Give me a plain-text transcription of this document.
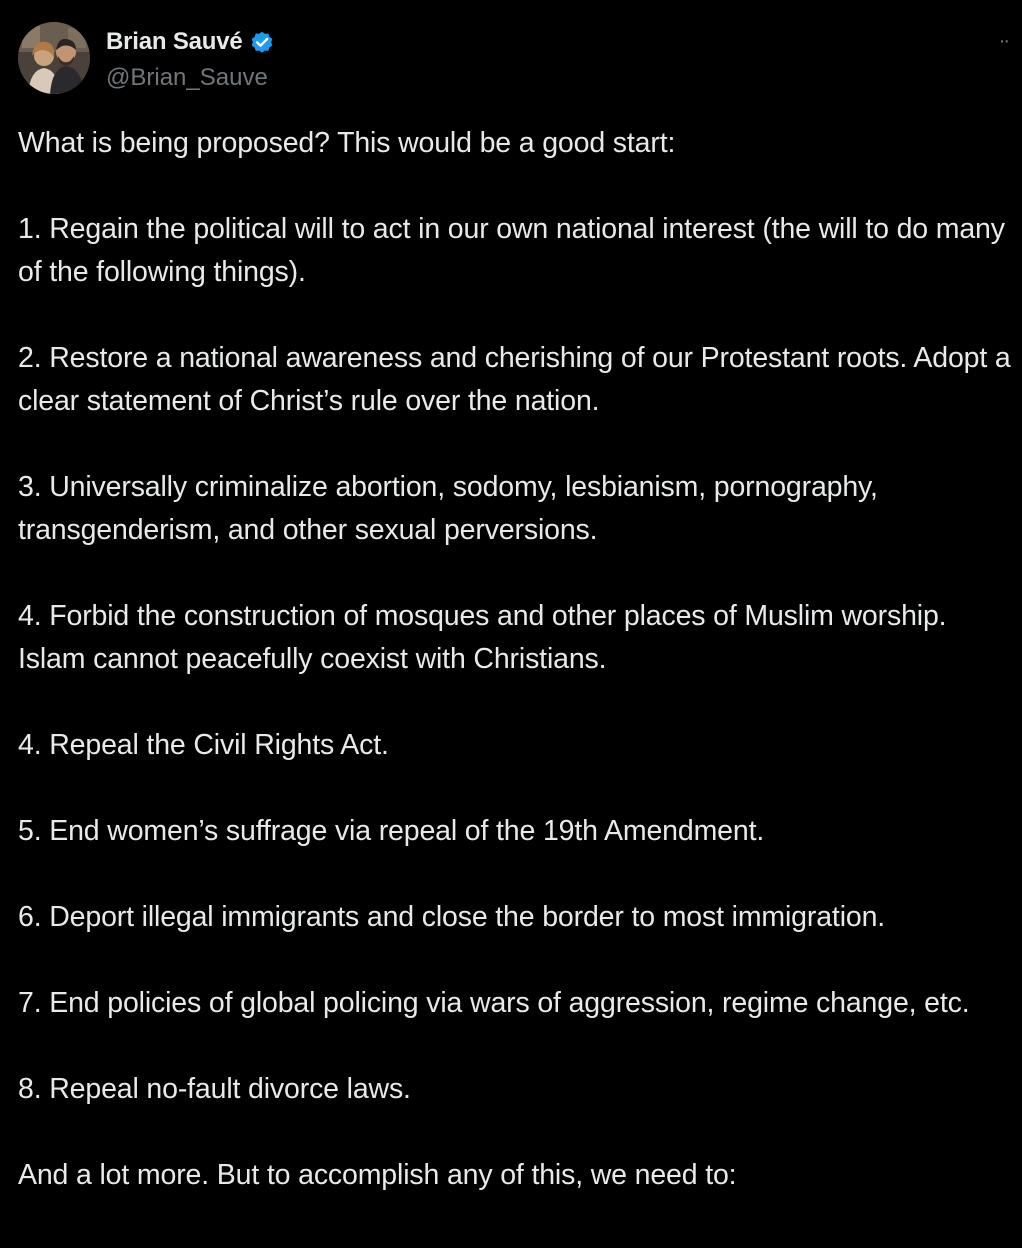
Brian Sauvé
@Brian_Sauve
··

What is being proposed? This would be a good start:

1. Regain the political will to act in our own national interest (the will to do many of the following things).

2. Restore a national awareness and cherishing of our Protestant roots. Adopt a clear statement of Christ’s rule over the nation.

3. Universally criminalize abortion, sodomy, lesbianism, pornography, transgenderism, and other sexual perversions.

4. Forbid the construction of mosques and other places of Muslim worship. Islam cannot peacefully coexist with Christians.

4. Repeal the Civil Rights Act.

5. End women’s suffrage via repeal of the 19th Amendment.

6. Deport illegal immigrants and close the border to most immigration.

7. End policies of global policing via wars of aggression, regime change, etc.

8. Repeal no-fault divorce laws.

And a lot more. But to accomplish any of this, we need to:
